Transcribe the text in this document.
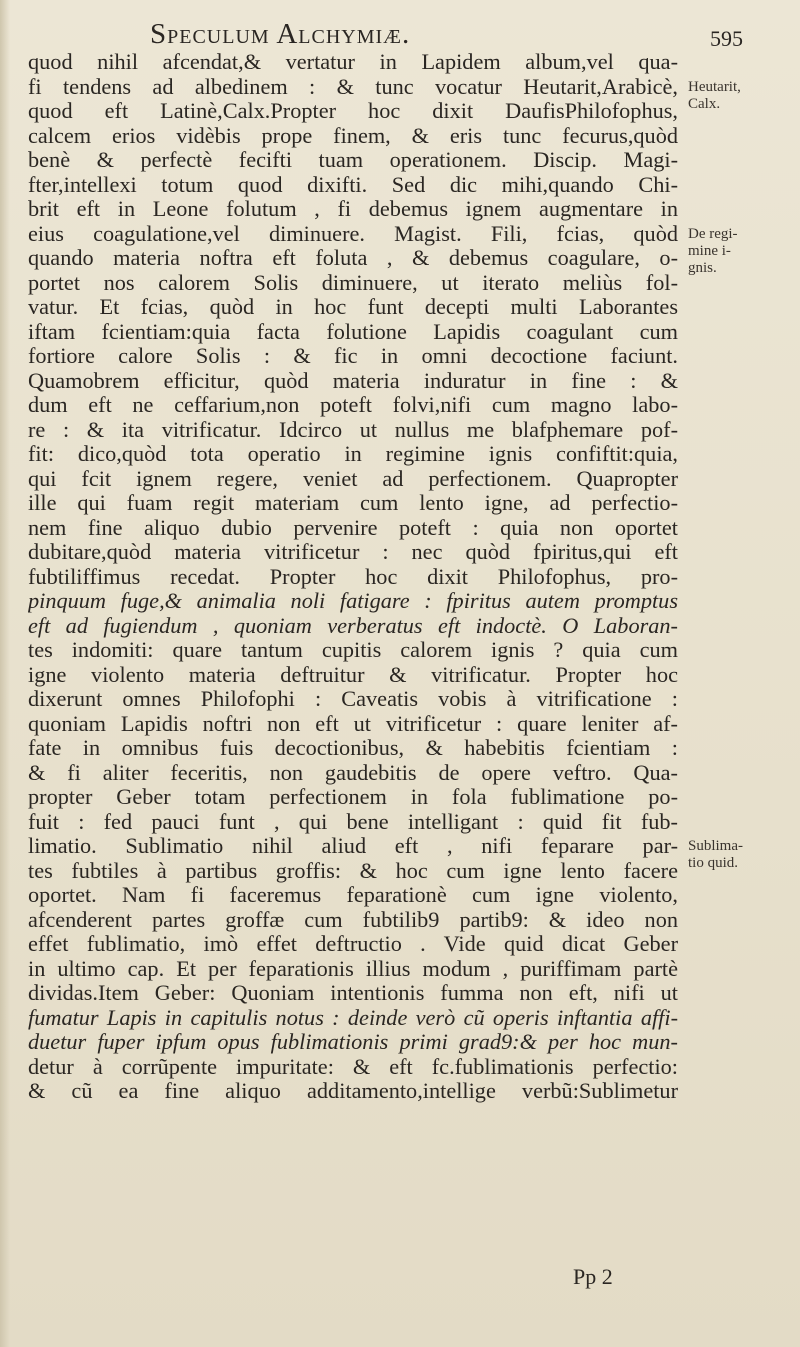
Speculum Alchymiæ.	595
quod nihil afcendat,& vertatur in Lapidem album,vel qua-
fi tendens ad albedinem : & tunc vocatur Heutarit,Arabicè,
quod eft Latinè,Calx.Propter hoc dixit DaufisPhilofophus,
calcem erios vidèbis prope finem, & eris tunc fecurus,quòd
benè & perfectè fecifti tuam operationem. Discip. Magi-
fter,intellexi totum quod dixifti. Sed dic mihi,quando Chi-
brit eft in Leone folutum , fi debemus ignem augmentare in
eius coagulatione,vel diminuere. Magist. Fili, fcias, quòd
quando materia noftra eft foluta , & debemus coagulare, o-
portet nos calorem Solis diminuere, ut iterato meliùs fol-
vatur. Et fcias, quòd in hoc funt decepti multi Laborantes
iftam fcientiam:quia facta folutione Lapidis coagulant cum
fortiore calore Solis : & fic in omni decoctione faciunt.
Quamobrem efficitur, quòd materia induratur in fine : &
dum eft ne ceffarium,non poteft folvi,nifi cum magno labo-
re : & ita vitrificatur. Idcirco ut nullus me blafphemare pof-
fit: dico,quòd tota operatio in regimine ignis confiftit:quia,
qui fcit ignem regere, veniet ad perfectionem. Quapropter
ille qui fuam regit materiam cum lento igne, ad perfectio-
nem fine aliquo dubio pervenire poteft : quia non oportet
dubitare,quòd materia vitrificetur : nec quòd fpiritus,qui eft
fubtiliffimus recedat. Propter hoc dixit Philofophus, pro-
pinquum fuge,& animalia noli fatigare : fpiritus autem promptus
eft ad fugiendum , quoniam verberatus eft indoctè. O Laboran-
tes indomiti: quare tantum cupitis calorem ignis ? quia cum
igne violento materia deftruitur & vitrificatur. Propter hoc
dixerunt omnes Philofophi : Caveatis vobis à vitrificatione :
quoniam Lapidis noftri non eft ut vitrificetur : quare leniter af-
fate in omnibus fuis decoctionibus, & habebitis fcientiam :
& fi aliter feceritis, non gaudebitis de opere veftro. Qua-
propter Geber totam perfectionem in fola fublimatione po-
fuit : fed pauci funt , qui bene intelligant : quid fit fub-
limatio. Sublimatio nihil aliud eft , nifi feparare par-
tes fubtiles à partibus groffis: & hoc cum igne lento facere
oportet. Nam fi faceremus feparationè cum igne violento,
afcenderent partes groffæ cum fubtilib9 partib9: & ideo non
effet fublimatio, imò effet deftructio . Vide quid dicat Geber
in ultimo cap. Et per feparationis illius modum , puriffimam partè
dividas.Item Geber: Quoniam intentionis fumma non eft, nifi ut
fumatur Lapis in capitulis notus : deinde verò cũ operis inftantia affi-
duetur fuper ipfum opus fublimationis primi grad9:& per hoc mun-
detur à corrũpente impuritate: & eft fc.fublimationis perfectio:
& cũ ea fine aliquo additamento,intellige verbũ:Sublimetur
Heutarit,
Calx.
De regi-
mine i-
gnis.
Sublima-
tio quid.
Pp 2
